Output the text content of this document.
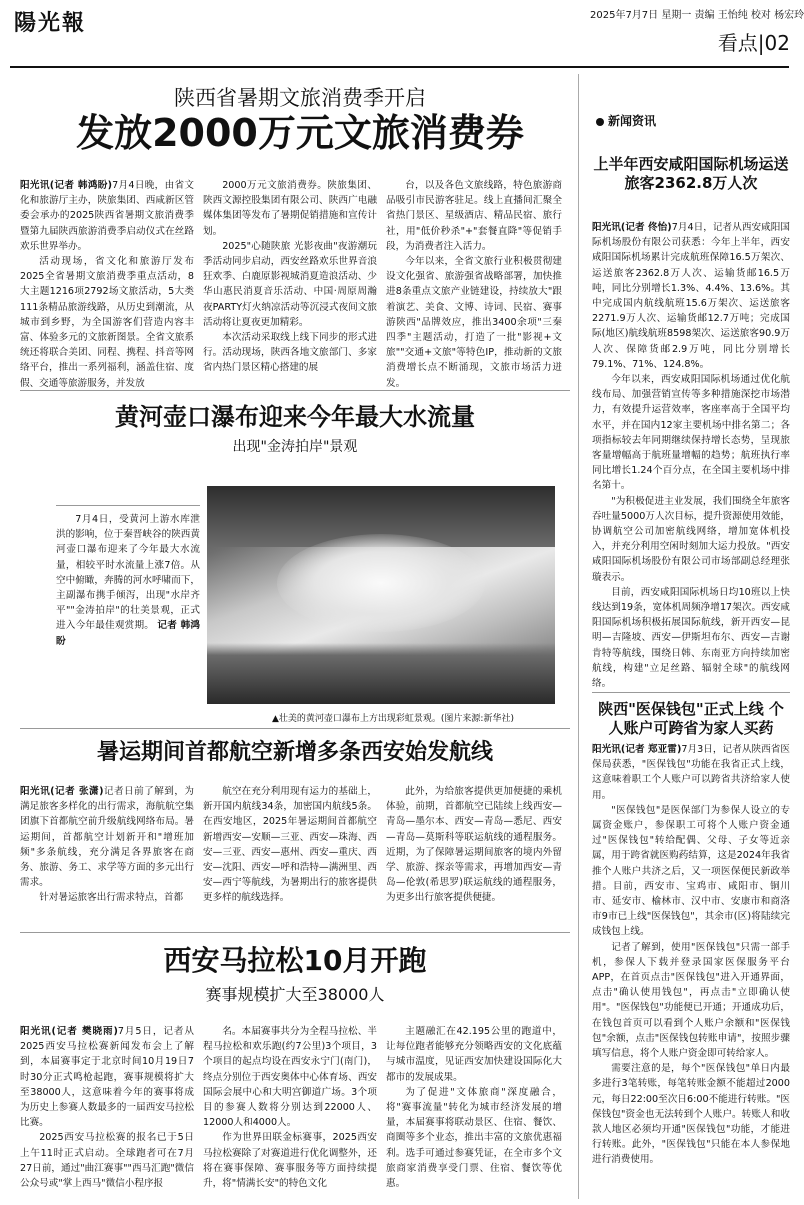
陽光報	2025年7月7日 星期一 责编 王怡纯 校对 杨宏玲
看点|02
陕西省暑期文旅消费季开启
发放2000万元文旅消费券

阳光讯(记者 韩鸿盼)7月4日晚，由省文化和旅游厅主办，陕旅集团、西咸新区管委会承办的2025陕西省暑期文旅消费季暨第九届陕西旅游消费季启动仪式在丝路欢乐世界举办。

活动现场，省文化和旅游厅发布2025全省暑期文旅消费季重点活动，8大主题1216项2792场文旅活动，5大类111条精品旅游线路，从历史到潮流，从城市到乡野，为全国游客们营造内容丰富、体验多元的文旅新图景。全省文旅系统还将联合美团、同程、携程、抖音等网络平台，推出一系列福利，涵盖住宿、度假、交通等旅游服务，并发放

2000万元文旅消费券。陕旅集团、陕西文源控股集团有限公司、陕西广电融媒体集团等发布了暑期促销措施和宣传计划。

2025"心随陕旅 光影夜曲"夜游潮玩季活动同步启动，西安丝路欢乐世界音浪狂欢季、白鹿原影视城消夏造浪活动、少华山惠民消夏音乐活动、中国·周原周瀚夜PARTY灯火纳凉活动等沉浸式夜间文旅活动将让夏夜更加精彩。

本次活动采取线上线下同步的形式进行。活动现场，陕西各地文旅部门、多家省内热门景区精心搭建的展

台，以及各色文旅线路，特色旅游商品吸引市民游客驻足。线上直播间汇聚全省热门景区、星级酒店、精品民宿、旅行社，用"低价秒杀"+"套餐直降"等促销手段，为消费者注入活力。

今年以来，全省文旅行业积极贯彻建设文化强省、旅游强省战略部署，加快推进8条重点文旅产业链建设，持续放大"跟着演艺、美食、文博、诗词、民宿、赛事游陕西"品牌效应，推出3400余项"三秦四季"主题活动，打造了一批"影视+文旅""交通+文旅"等特色IP，推动新的文旅消费增长点不断涌现，文旅市场活力迸发。

黄河壶口瀑布迎来今年最大水流量
出现"金涛拍岸"景观

7月4日，受黄河上游水库泄洪的影响，位于秦晋峡谷的陕西黄河壶口瀑布迎来了今年最大水流量，相较平时水流量上涨7倍。从空中俯瞰，奔腾的河水呼啸而下，主副瀑布携手倾泻，出现"水岸齐平""金涛拍岸"的壮美景观，正式进入今年最佳观赏期。 记者 韩鸿盼

▲壮美的黄河壶口瀑布上方出现彩虹景观。(图片来源:新华社)
暑运期间首都航空新增多条西安始发航线

阳光讯(记者 张潇)记者日前了解到，为满足旅客多样化的出行需求，海航航空集团旗下首都航空前升级航线网络布局。暑运期间，首都航空计划新开和"增班加频"多条航线，充分满足各界旅客在商务、旅游、务工、求学等方面的多元出行需求。

针对暑运旅客出行需求特点，首都

航空在充分利用现有运力的基础上，新开国内航线34条，加密国内航线5条。在西安地区，2025年暑运期间首都航空新增西安—安顺—三亚、西安—珠海、西安—三亚、西安—惠州、西安—重庆、西安—沈阳、西安—呼和浩特—满洲里、西安—西宁等航线，为暑期出行的旅客提供更多样的航线选择。

此外，为给旅客提供更加便捷的乘机体验，前期，首都航空已陆续上线西安—青岛—墨尔本、西安—青岛—悉尼、西安—青岛—莫斯科等联运航线的通程服务。近期，为了保障暑运期间旅客的境内外留学、旅游、探亲等需求，再增加西安—青岛—伦敦(希思罗)联运航线的通程服务，为更多出行旅客提供便捷。

西安马拉松10月开跑
赛事规模扩大至38000人

阳光讯(记者 樊晓雨)7月5日，记者从2025西安马拉松赛新闻发布会上了解到，本届赛事定于北京时间10月19日7时30分正式鸣枪起跑，赛事规模将扩大至38000人，这意味着今年的赛事将成为历史上参赛人数最多的一届西安马拉松比赛。

2025西安马拉松赛的报名已于5日上午11时正式启动。全球跑者可在7月27日前，通过"曲江赛事""西马汇跑"微信公众号或"掌上西马"微信小程序报

名。本届赛事共分为全程马拉松、半程马拉松和欢乐跑(约7公里)3个项目，3个项目的起点均设在西安永宁门(南门)，终点分别位于西安奥体中心体育场、西安国际会展中心和大明宫御道广场。3个项目的参赛人数将分别达到22000人、12000人和4000人。

作为世界田联金标赛事，2025西安马拉松赛除了对赛道进行优化调整外，还将在赛事保障、赛事服务等方面持续提升，将"情满长安"的特色文化

主题融汇在42.195公里的跑道中，让每位跑者能够充分领略西安的文化底蕴与城市温度，见证西安加快建设国际化大都市的发展成果。

为了促进"文体旅商"深度融合，将"赛事流量"转化为城市经济发展的增量，本届赛事将联动景区、住宿、餐饮、商圈等多个业态，推出丰富的文旅优惠福利。选手可通过参赛凭证，在全市多个文旅商家消费享受门票、住宿、餐饮等优惠。

新闻资讯
上半年西安咸阳国际机场运送旅客2362.8万人次

阳光讯(记者 佟怡)7月4日，记者从西安咸阳国际机场股份有限公司获悉：今年上半年，西安咸阳国际机场累计完成航班保障16.5万架次、运送旅客2362.8万人次、运输货邮16.5万吨，同比分别增长1.3%、4.4%、13.6%。其中完成国内航线航班15.6万架次、运送旅客2271.9万人次、运输货邮12.7万吨；完成国际(地区)航线航班8598架次、运送旅客90.9万人次、保障货邮2.9万吨，同比分别增长79.1%、71%、124.8%。

今年以来，西安咸阳国际机场通过优化航线布局、加强营销宣传等多种措施深挖市场潜力，有效提升运营效率，客座率高于全国平均水平，并在国内12家主要机场中排名第二；各项指标较去年同期继续保持增长态势，呈现旅客量增幅高于航班量增幅的趋势；航班执行率同比增长1.24个百分点，在全国主要机场中排名第十。

"为积极促进主业发展，我们围绕全年旅客吞吐量5000万人次目标，提升资源使用效能，协调航空公司加密航线网络，增加宽体机投入，并充分利用空闲时刻加大运力投放。"西安咸阳国际机场股份有限公司市场部副总经理张璇表示。

目前，西安咸阳国际机场日均10班以上快线达到19条，宽体机周频净增17架次。西安咸阳国际机场积极拓展国际航线，新开西安—昆明—吉隆坡、西安—伊斯坦布尔、西安—吉谢肯特等航线，围绕日韩、东南亚方向持续加密航线，构建"立足丝路、辐射全球"的航线网络。

陕西"医保钱包"正式上线 个人账户可跨省为家人买药

阳光讯(记者 郑亚雷)7月3日，记者从陕西省医保局获悉，"医保钱包"功能在我省正式上线，这意味着职工个人账户可以跨省共济给家人使用。

"医保钱包"是医保部门为参保人设立的专属资金账户，参保职工可将个人账户资金通过"医保钱包"转给配偶、父母、子女等近亲属，用于跨省就医购药结算，这是2024年我省推个人账户共济之后，又一项医保便民新政举措。目前，西安市、宝鸡市、咸阳市、铜川市、延安市、榆林市、汉中市、安康市和商洛市9市已上线"医保钱包"，其余市(区)将陆续完成钱包上线。

记者了解到，使用"医保钱包"只需一部手机，参保人下载并登录国家医保服务平台APP，在首页点击"医保钱包"进入开通界面，点击"确认使用钱包"，再点击"立即确认使用"。"医保钱包"功能便已开通；开通成功后，在钱包首页可以看到个人账户余额和"医保钱包"余额，点击"医保钱包转账申请"，按照步骤填写信息，将个人账户资金即可转给家人。

需要注意的是，每个"医保钱包"单日内最多进行3笔转账，每笔转账金额不能超过2000元，每日22:00至次日6:00不能进行转账。"医保钱包"资金也无法转到个人账户。转账人和收款人地区必须均开通"医保钱包"功能，才能进行转账。此外，"医保钱包"只能在本人参保地进行消费使用。
